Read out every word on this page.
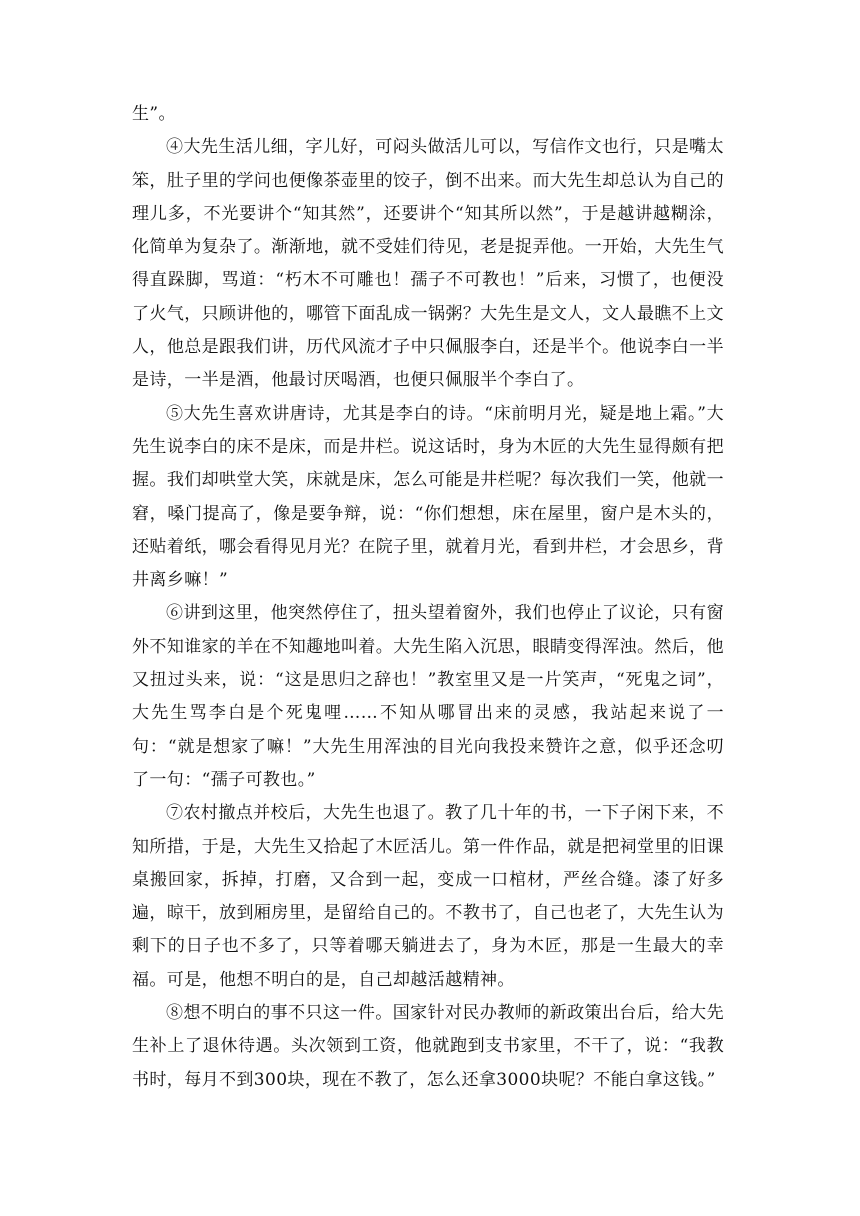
生”。

④大先生活儿细，字儿好，可闷头做活儿可以，写信作文也行，只是嘴太笨，肚子里的学问也便像茶壶里的饺子，倒不出来。而大先生却总认为自己的理儿多，不光要讲个“知其然”，还要讲个“知其所以然”，于是越讲越糊涂，化简单为复杂了。渐渐地，就不受娃们待见，老是捉弄他。一开始，大先生气得直跺脚，骂道：“朽木不可雕也！孺子不可教也！”后来，习惯了，也便没了火气，只顾讲他的，哪管下面乱成一锅粥？大先生是文人，文人最瞧不上文人，他总是跟我们讲，历代风流才子中只佩服李白，还是半个。他说李白一半是诗，一半是酒，他最讨厌喝酒，也便只佩服半个李白了。

⑤大先生喜欢讲唐诗，尤其是李白的诗。“床前明月光，疑是地上霜。”大先生说李白的床不是床，而是井栏。说这话时，身为木匠的大先生显得颇有把握。我们却哄堂大笑，床就是床，怎么可能是井栏呢？每次我们一笑，他就一窘，嗓门提高了，像是要争辩，说：“你们想想，床在屋里，窗户是木头的，还贴着纸，哪会看得见月光？在院子里，就着月光，看到井栏，才会思乡，背井离乡嘛！”

⑥讲到这里，他突然停住了，扭头望着窗外，我们也停止了议论，只有窗外不知谁家的羊在不知趣地叫着。大先生陷入沉思，眼睛变得浑浊。然后，他又扭过头来，说：“这是思归之辞也！”教室里又是一片笑声，“死鬼之词”，大先生骂李白是个死鬼哩……不知从哪冒出来的灵感，我站起来说了一句：“就是想家了嘛！”大先生用浑浊的目光向我投来赞许之意，似乎还念叨了一句：“孺子可教也。”

⑦农村撤点并校后，大先生也退了。教了几十年的书，一下子闲下来，不知所措，于是，大先生又拾起了木匠活儿。第一件作品，就是把祠堂里的旧课桌搬回家，拆掉，打磨，又合到一起，变成一口棺材，严丝合缝。漆了好多遍，晾干，放到厢房里，是留给自己的。不教书了，自己也老了，大先生认为剩下的日子也不多了，只等着哪天躺进去了，身为木匠，那是一生最大的幸福。可是，他想不明白的是，自己却越活越精神。

⑧想不明白的事不只这一件。国家针对民办教师的新政策出台后，给大先生补上了退休待遇。头次领到工资，他就跑到支书家里，不干了，说：“我教书时，每月不到300块，现在不教了，怎么还拿3000块呢？不能白拿这钱。”
